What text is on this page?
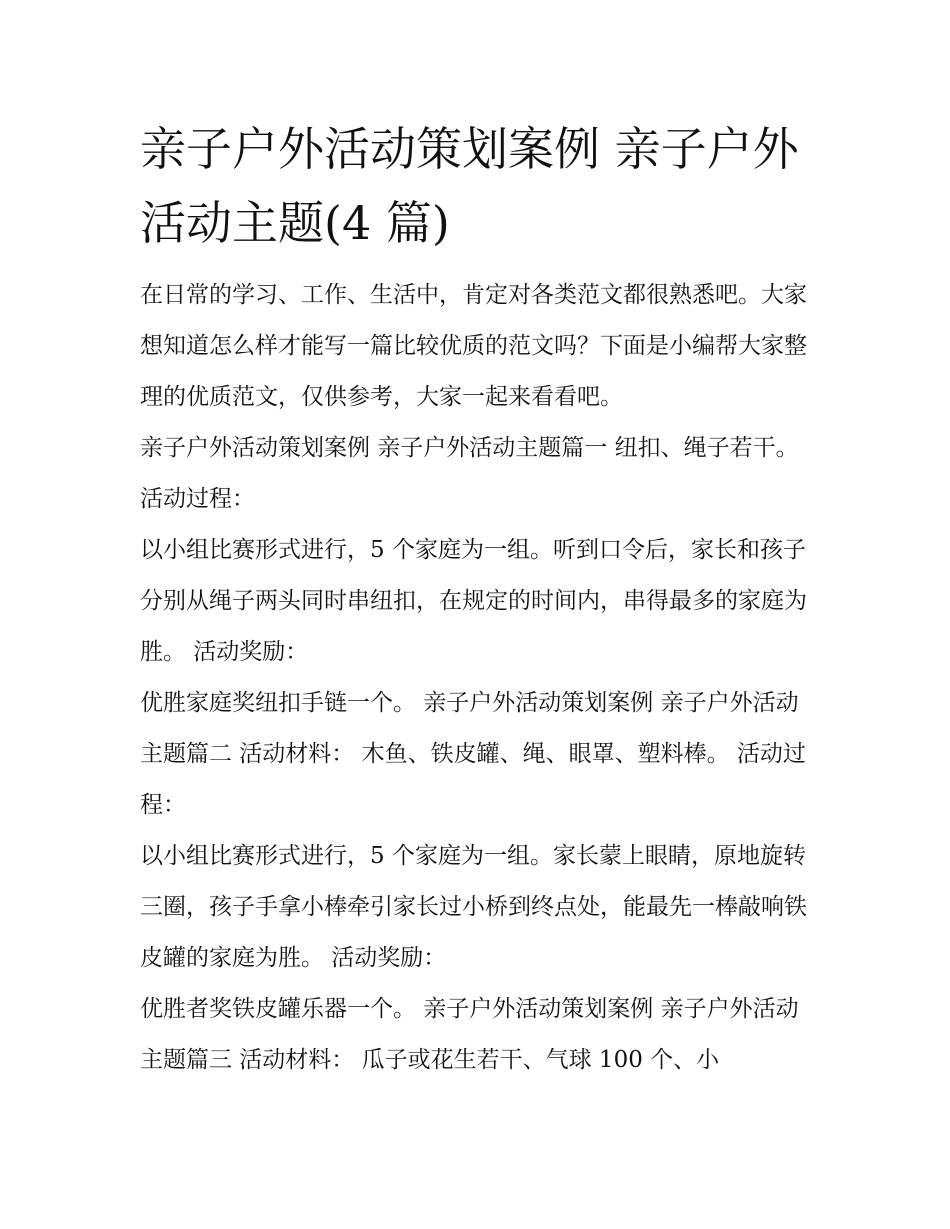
亲子户外活动策划案例 亲子户外活动主题(4 篇)

在日常的学习、工作、生活中，肯定对各类范文都很熟悉吧。大家想知道怎么样才能写一篇比较优质的范文吗？下面是小编帮大家整理的优质范文，仅供参考，大家一起来看看吧。

亲子户外活动策划案例 亲子户外活动主题篇一 纽扣、绳子若干。 活动过程：

以小组比赛形式进行，5 个家庭为一组。听到口令后，家长和孩子分别从绳子两头同时串纽扣，在规定的时间内，串得最多的家庭为胜。 活动奖励：

优胜家庭奖纽扣手链一个。 亲子户外活动策划案例 亲子户外活动主题篇二 活动材料： 木鱼、铁皮罐、绳、眼罩、塑料棒。 活动过程：

以小组比赛形式进行，5 个家庭为一组。家长蒙上眼睛，原地旋转三圈，孩子手拿小棒牵引家长过小桥到终点处，能最先一棒敲响铁皮罐的家庭为胜。 活动奖励：

优胜者奖铁皮罐乐器一个。 亲子户外活动策划案例 亲子户外活动主题篇三 活动材料： 瓜子或花生若干、气球 100 个、小
